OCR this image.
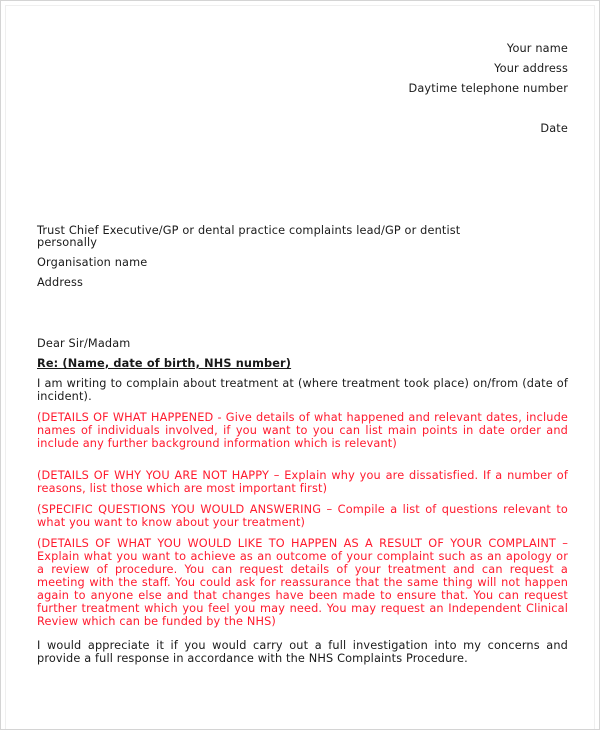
Your name
Your address
Daytime telephone number
Date
Trust Chief Executive/GP or dental practice complaints lead/GP or dentist
personally
Organisation name
Address
Dear Sir/Madam
Re: (Name, date of birth, NHS number)
I am writing to complain about treatment at (where treatment took place) on/from (date of incident).
(DETAILS OF WHAT HAPPENED - Give details of what happened and relevant dates, include names of individuals involved, if you want to you can list main points in date order and include any further background information which is relevant)
(DETAILS OF WHY YOU ARE NOT HAPPY – Explain why you are dissatisfied. If a number of reasons, list those which are most important first)
(SPECIFIC QUESTIONS YOU WOULD ANSWERING – Compile a list of questions relevant to what you want to know about your treatment)
(DETAILS OF WHAT YOU WOULD LIKE TO HAPPEN AS A RESULT OF YOUR COMPLAINT – Explain what you want to achieve as an outcome of your complaint such as an apology or a review of procedure. You can request details of your treatment and can request a meeting with the staff. You could ask for reassurance that the same thing will not happen again to anyone else and that changes have been made to ensure that. You can request further treatment which you feel you may need. You may request an Independent Clinical Review which can be funded by the NHS)
I would appreciate it if you would carry out a full investigation into my concerns and provide a full response in accordance with the NHS Complaints Procedure.
